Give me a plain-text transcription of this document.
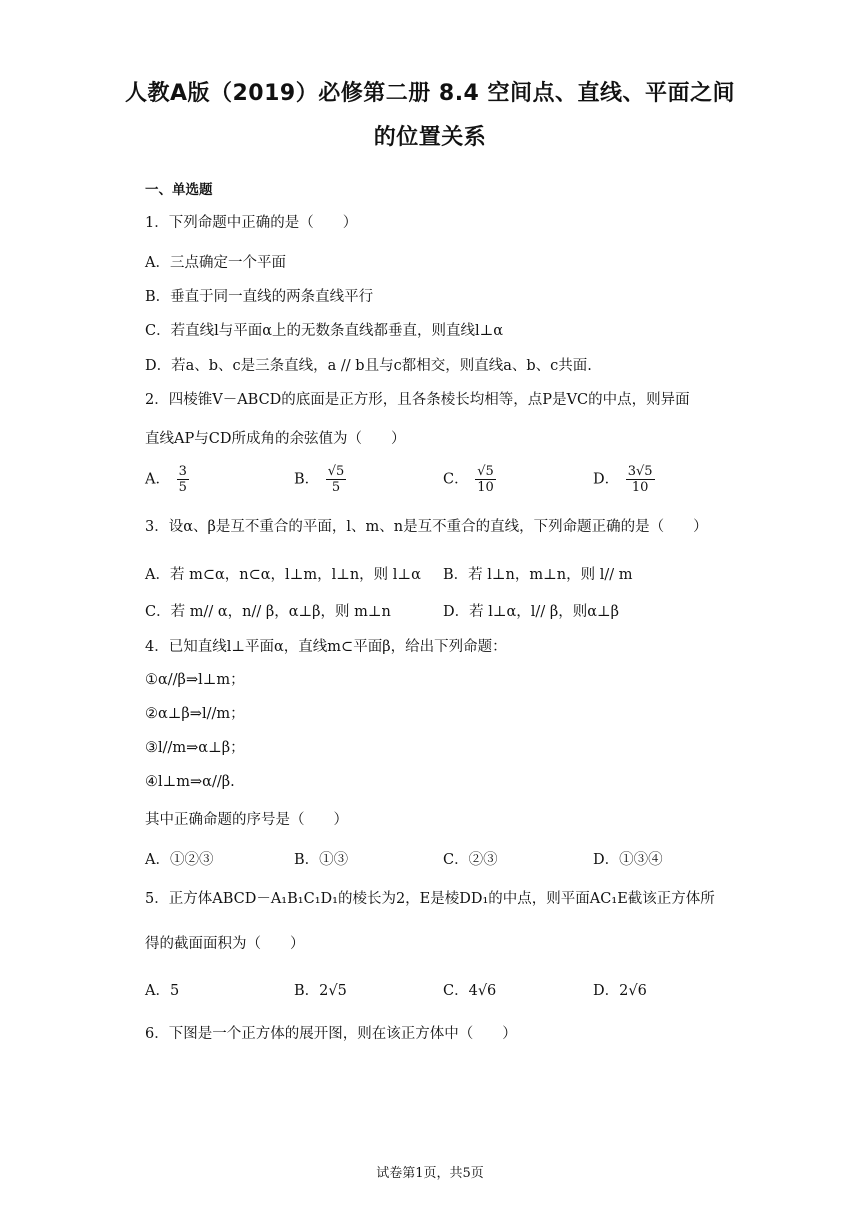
人教A版（2019）必修第二册 8.4 空间点、直线、平面之间
的位置关系
一、单选题
1．下列命题中正确的是（　　）
A．三点确定一个平面
B．垂直于同一直线的两条直线平行
C．若直线l与平面α上的无数条直线都垂直，则直线l⊥α
D．若a、b、c是三条直线，a // b且与c都相交，则直线a、b、c共面.
2．四棱锥V－ABCD的底面是正方形，且各条棱长均相等，点P是VC的中点，则异面
直线AP与CD所成角的余弦值为（　　）
A． $\frac{3}{5}$	B． $\frac{√5}{5}$	C． $\frac{√5}{10}$	D． $\frac{3√5}{10}$
3．设α、β是互不重合的平面，l、m、n是互不重合的直线，下列命题正确的是（　　）
A．若 m⊂α，n⊂α，l⊥m，l⊥n，则 l⊥α B．若 l⊥n，m⊥n，则 l// m
C．若 m// α，n// β，α⊥β，则 m⊥n	D．若 l⊥α，l// β，则α⊥β
4．已知直线l⊥平面α，直线m⊂平面β，给出下列命题：
①α//β⇒l⊥m；
②α⊥β⇒l//m；
③l//m⇒α⊥β；
④l⊥m⇒α//β.
其中正确命题的序号是（　　）
A．①②③	B．①③	C．②③	D．①③④
5．正方体ABCD－A₁B₁C₁D₁的棱长为2，E是棱DD₁的中点，则平面AC₁E截该正方体所
得的截面面积为（　　）
A．5	B．2√5	C．4√6	D．2√6
6．下图是一个正方体的展开图，则在该正方体中（　　）
试卷第1页，共5页
